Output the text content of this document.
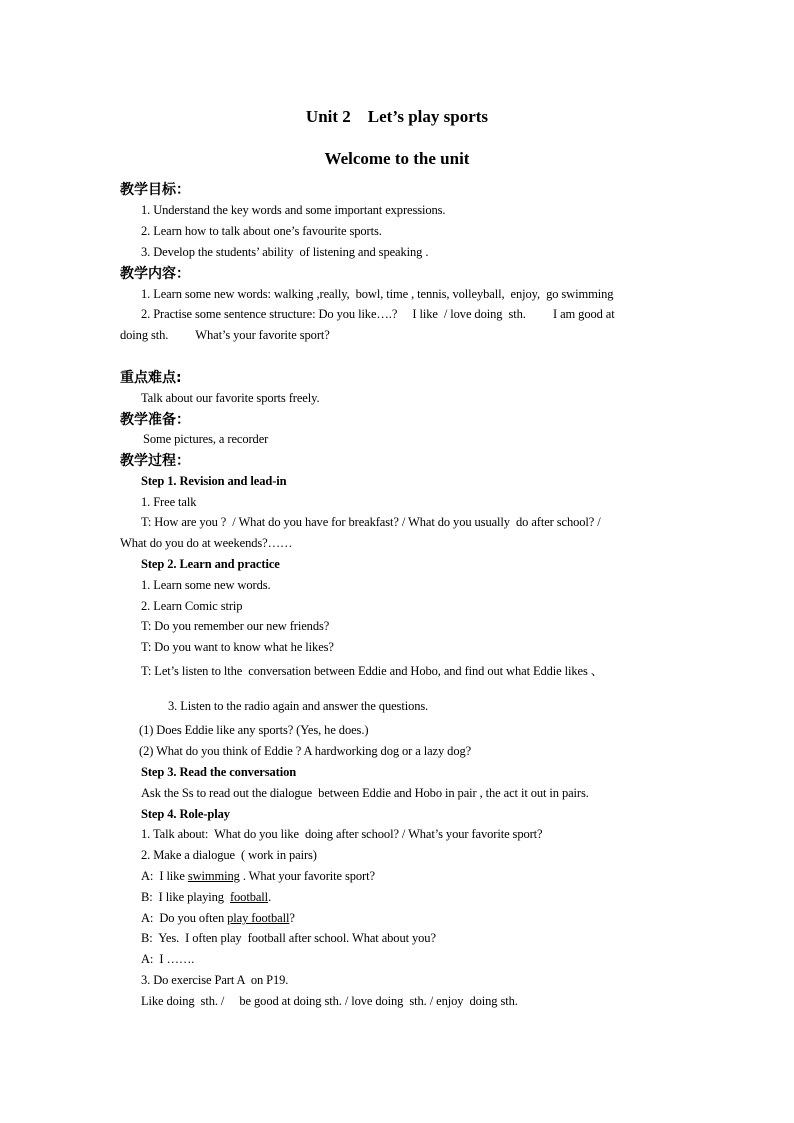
Unit 2    Let’s play sports
Welcome to the unit
教学目标：
1. Understand the key words and some important expressions.
2. Learn how to talk about one’s favourite sports.
3. Develop the students’ ability  of listening and speaking .
教学内容：
1. Learn some new words: walking ,really,  bowl, time , tennis, volleyball,  enjoy,  go swimming
2. Practise some sentence structure: Do you like….?     I like  / love doing  sth.         I am good at
doing sth.         What’s your favorite sport?
重点难点:
Talk about our favorite sports freely.
教学准备：
Some pictures, a recorder
教学过程：
Step 1. Revision and lead-in
1. Free talk
T: How are you ?  / What do you have for breakfast? / What do you usually  do after school? /
What do you do at weekends?……
Step 2. Learn and practice
1. Learn some new words.
2. Learn Comic strip
T: Do you remember our new friends?
T: Do you want to know what he likes?
T: Let’s listen to lthe  conversation between Eddie and Hobo, and find out what Eddie likes 、
3. Listen to the radio again and answer the questions.
(1) Does Eddie like any sports? (Yes, he does.)
(2) What do you think of Eddie ? A hardworking dog or a lazy dog?
Step 3. Read the conversation
Ask the Ss to read out the dialogue  between Eddie and Hobo in pair , the act it out in pairs.
Step 4. Role-play
1. Talk about:  What do you like  doing after school? / What’s your favorite sport?
2. Make a dialogue  ( work in pairs)
A:  I like swimming . What your favorite sport?
B:  I like playing  football.
A:  Do you often play football?
B:  Yes.  I often play  football after school. What about you?
A:  I …….
3. Do exercise Part A  on P19.
Like doing  sth. /     be good at doing sth. / love doing  sth. / enjoy  doing sth.
